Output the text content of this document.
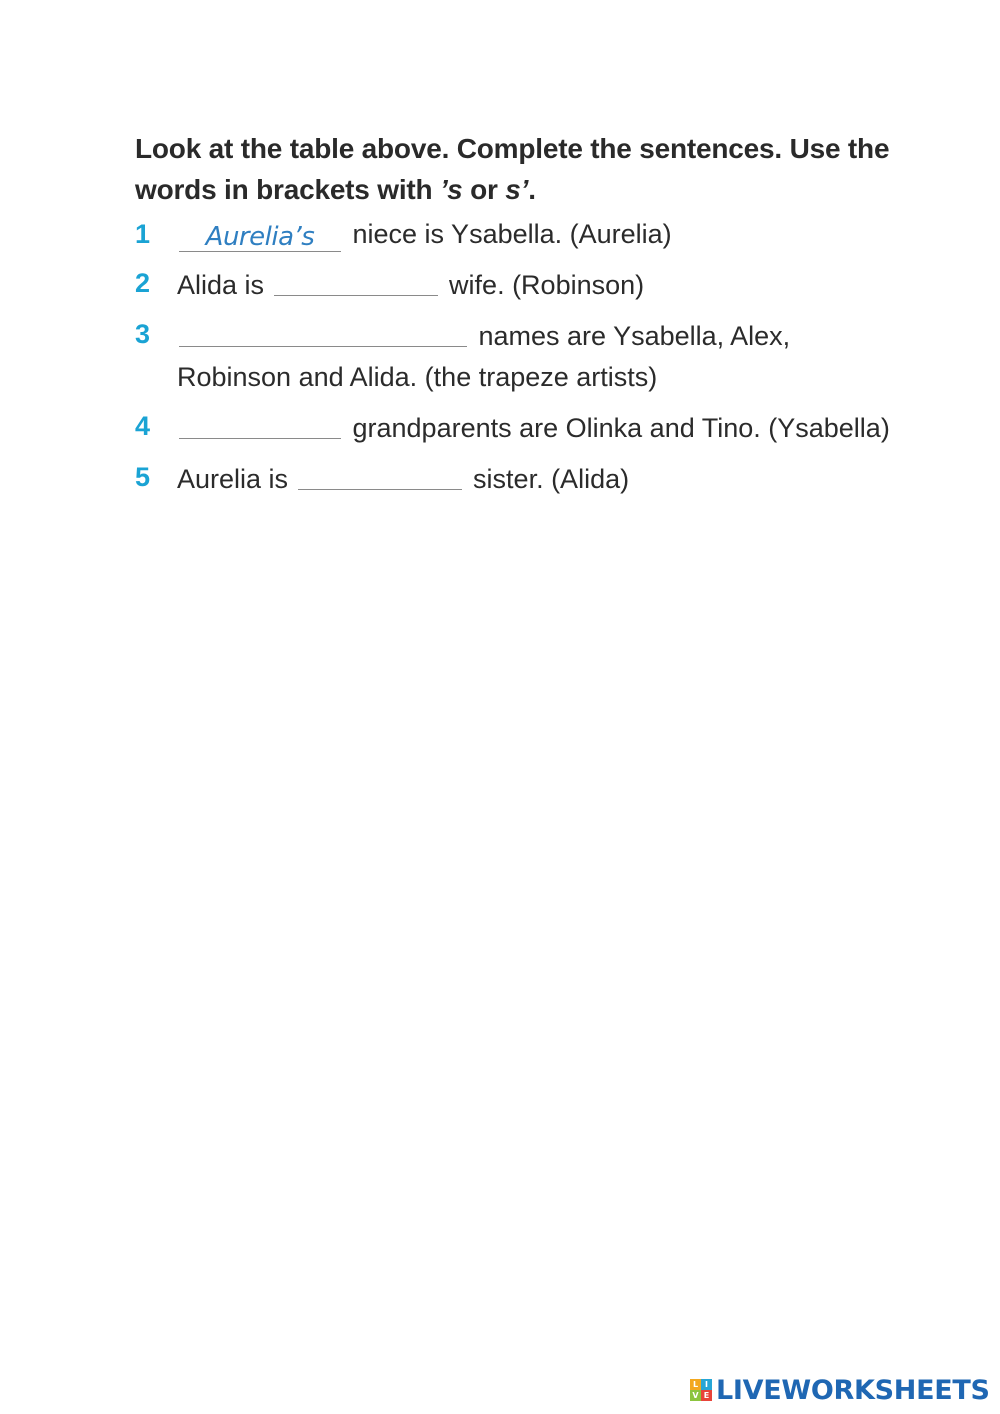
Look at the table above. Complete the sentences. Use the words in brackets with ’s or s’.

1	Aurelia’s	niece is Ysabella. (Aurelia)
2 Alida is	wife. (Robinson)
3	names are Ysabella, Alex, Robinson and Alida. (the trapeze artists)
4	grandparents are Olinka and Tino. (Ysabella)
5 Aurelia is	sister. (Alida)
L I
V E LIVEWORKSHEETS
